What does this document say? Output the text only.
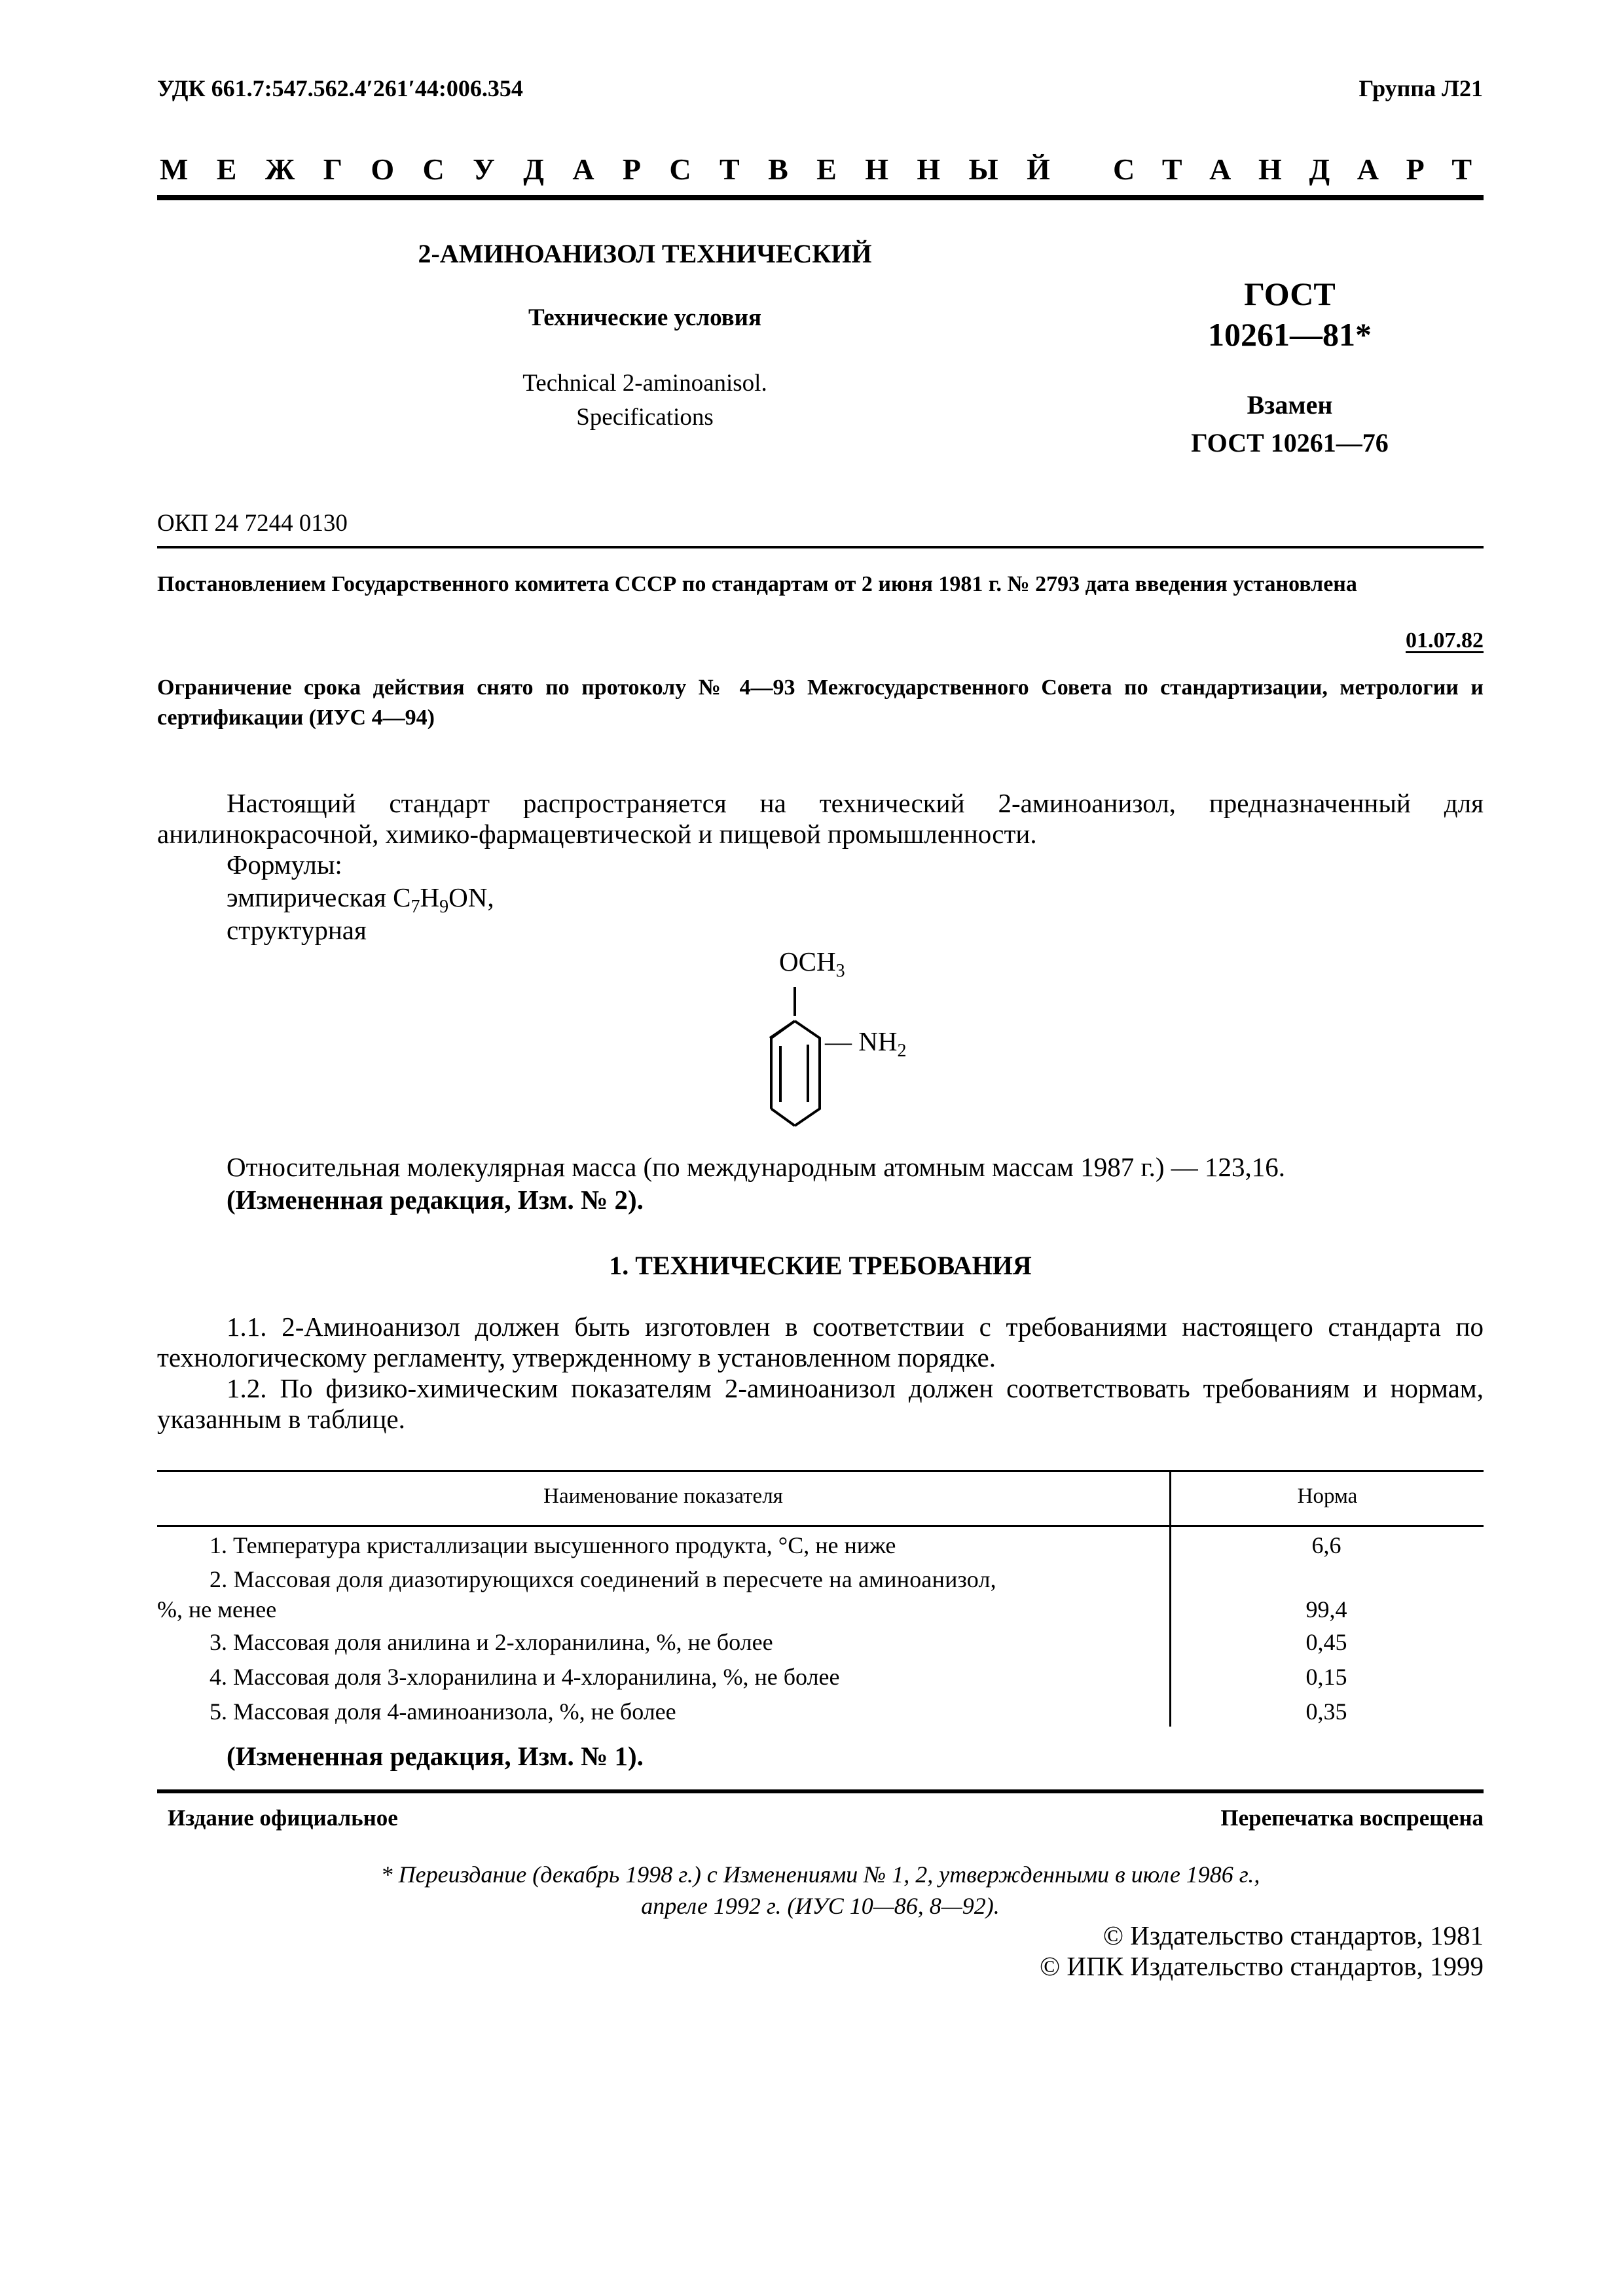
УДК 661.7:547.562.4′261′44:006.354	Группа Л21
М Е Ж Г О С У Д А Р С Т В Е Н Н Ы Й С Т А Н Д А Р Т
2-АМИНОАНИЗОЛ ТЕХНИЧЕСКИЙ
Технические условия
Technical 2-aminoanisol.
Specifications
ГОСТ
10261—81*
Взамен
ГОСТ 10261—76
ОКП 24 7244 0130
Постановлением Государственного комитета СССР по стандартам от 2 июня 1981 г. № 2793 дата введения установлена
01.07.82
Ограничение срока действия снято по протоколу № 4—93 Межгосударственного Совета по стандартизации, метрологии и сертификации (ИУС 4—94)
Настоящий стандарт распространяется на технический 2-аминоанизол, предназначенный для анилинокрасочной, химико-фармацевтической и пищевой промышленности.
Формулы:
эмпирическая $C_7H_9ON$,
структурная
$OCH_3$
— $NH_2$
Относительная молекулярная масса (по международным атомным массам 1987 г.) — 123,16.
(Измененная редакция, Изм. № 2).
1. ТЕХНИЧЕСКИЕ ТРЕБОВАНИЯ
1.1. 2-Аминоанизол должен быть изготовлен в соответствии с требованиями настоящего стандарта по технологическому регламенту, утвержденному в установленном порядке.
1.2. По физико-химическим показателям 2-аминоанизол должен соответствовать требованиям и нормам, указанным в таблице.
Наименование показателя	Норма
1. Температура кристаллизации высушенного продукта, °С, не ниже	6,6
2. Массовая доля диазотирующихся соединений в пересчете на аминоанизол,
%, не менее	99,4
3. Массовая доля анилина и 2-хлоранилина, %, не более	0,45
4. Массовая доля 3-хлоранилина и 4-хлоранилина, %, не более	0,15
5. Массовая доля 4-аминоанизола, %, не более	0,35
(Измененная редакция, Изм. № 1).
Издание официальное	Перепечатка воспрещена
* Переиздание (декабрь 1998 г.) с Изменениями № 1, 2, утвержденными в июле 1986 г.,
апреле 1992 г. (ИУС 10—86, 8—92).
© Издательство стандартов, 1981
© ИПК Издательство стандартов, 1999
